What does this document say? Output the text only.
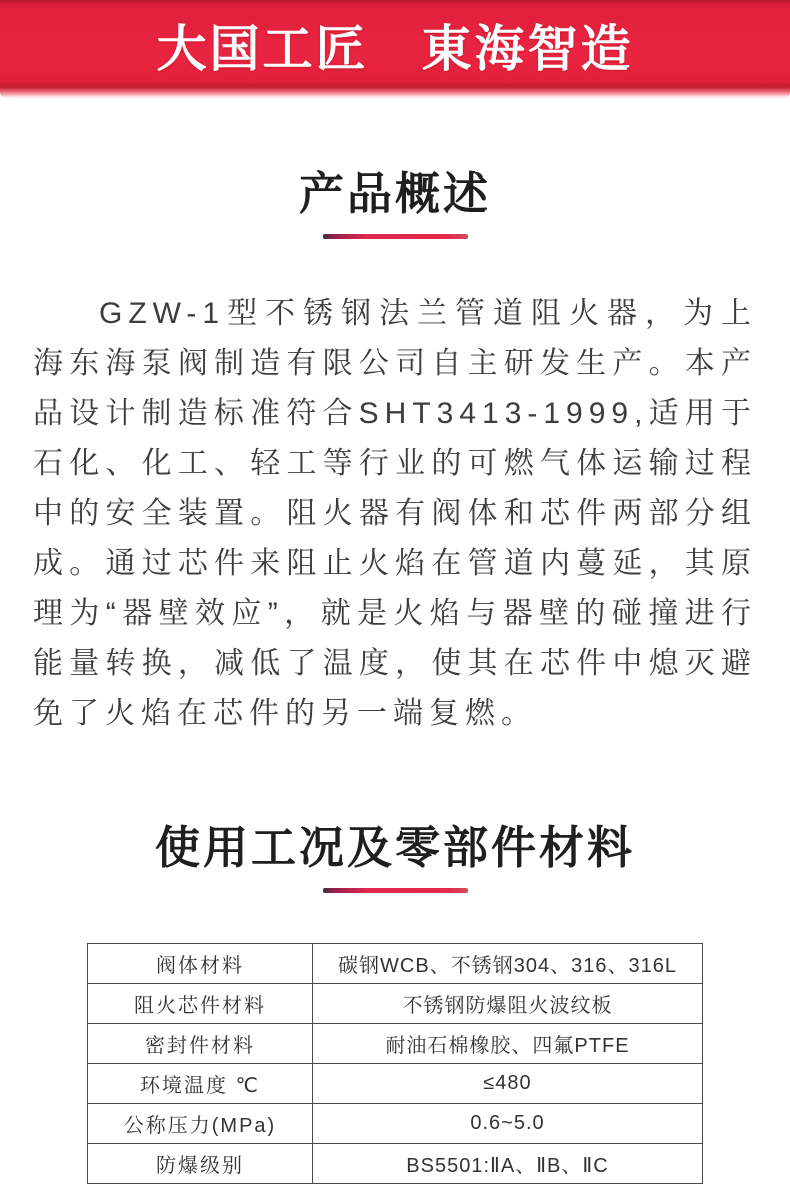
大国工匠　東海智造
产品概述

GZW-1型不锈钢法兰管道阻火器，为上海东海泵阀制造有限公司自主研发生产。本产品设计制造标准符合SHT3413-1999,适用于石化、化工、轻工等行业的可燃气体运输过程中的安全装置。阻火器有阀体和芯件两部分组成。通过芯件来阻止火焰在管道内蔓延，其原理为“器壁效应”，就是火焰与器壁的碰撞进行能量转换，减低了温度，使其在芯件中熄灭避免了火焰在芯件的另一端复燃。

使用工况及零部件材料
阀体材料	碳钢WCB、不锈钢304、316、316L
阻火芯件材料	不锈钢防爆阻火波纹板
密封件材料	耐油石棉橡胶、四氟PTFE
环境温度 ℃	≤480
公称压力(MPa)	0.6~5.0
防爆级别	BS5501:ⅡA、ⅡB、ⅡC
